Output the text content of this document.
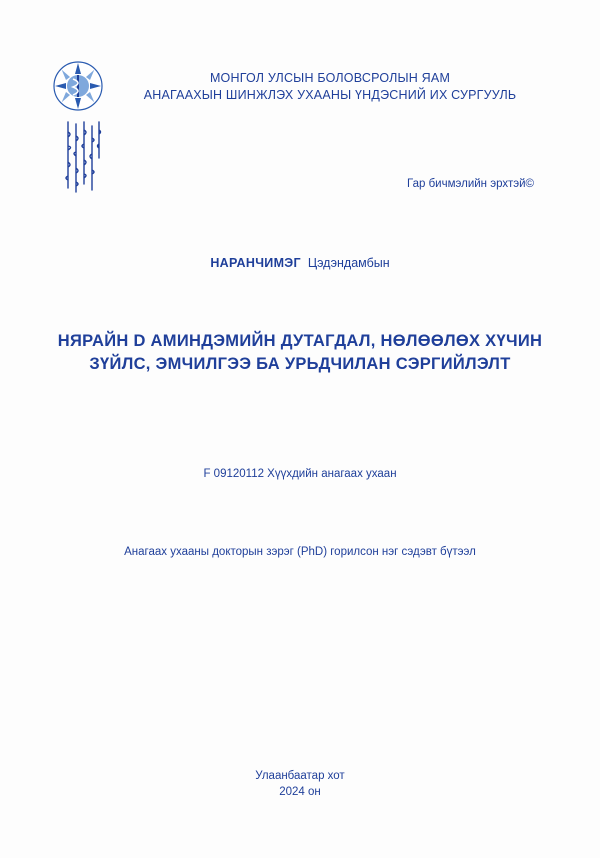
МОНГОЛ УЛСЫН БОЛОВСРОЛЫН ЯАМ
АНАГААХЫН ШИНЖЛЭХ УХААНЫ ҮНДЭСНИЙ ИХ СУРГУУЛЬ
Гар бичмэлийн эрхтэй©
НАРАНЧИМЭГ Цэдэндамбын
НЯРАЙН D АМИНДЭМИЙН ДУТАГДАЛ, НӨЛӨӨЛӨХ ХҮЧИН
ЗҮЙЛС, ЭМЧИЛГЭЭ БА УРЬДЧИЛАН СЭРГИЙЛЭЛТ
F 09120112 Хүүхдийн анагаах ухаан
Анагаах ухааны докторын зэрэг (PhD) горилсон нэг сэдэвт бүтээл
Улаанбаатар хот
2024 он
